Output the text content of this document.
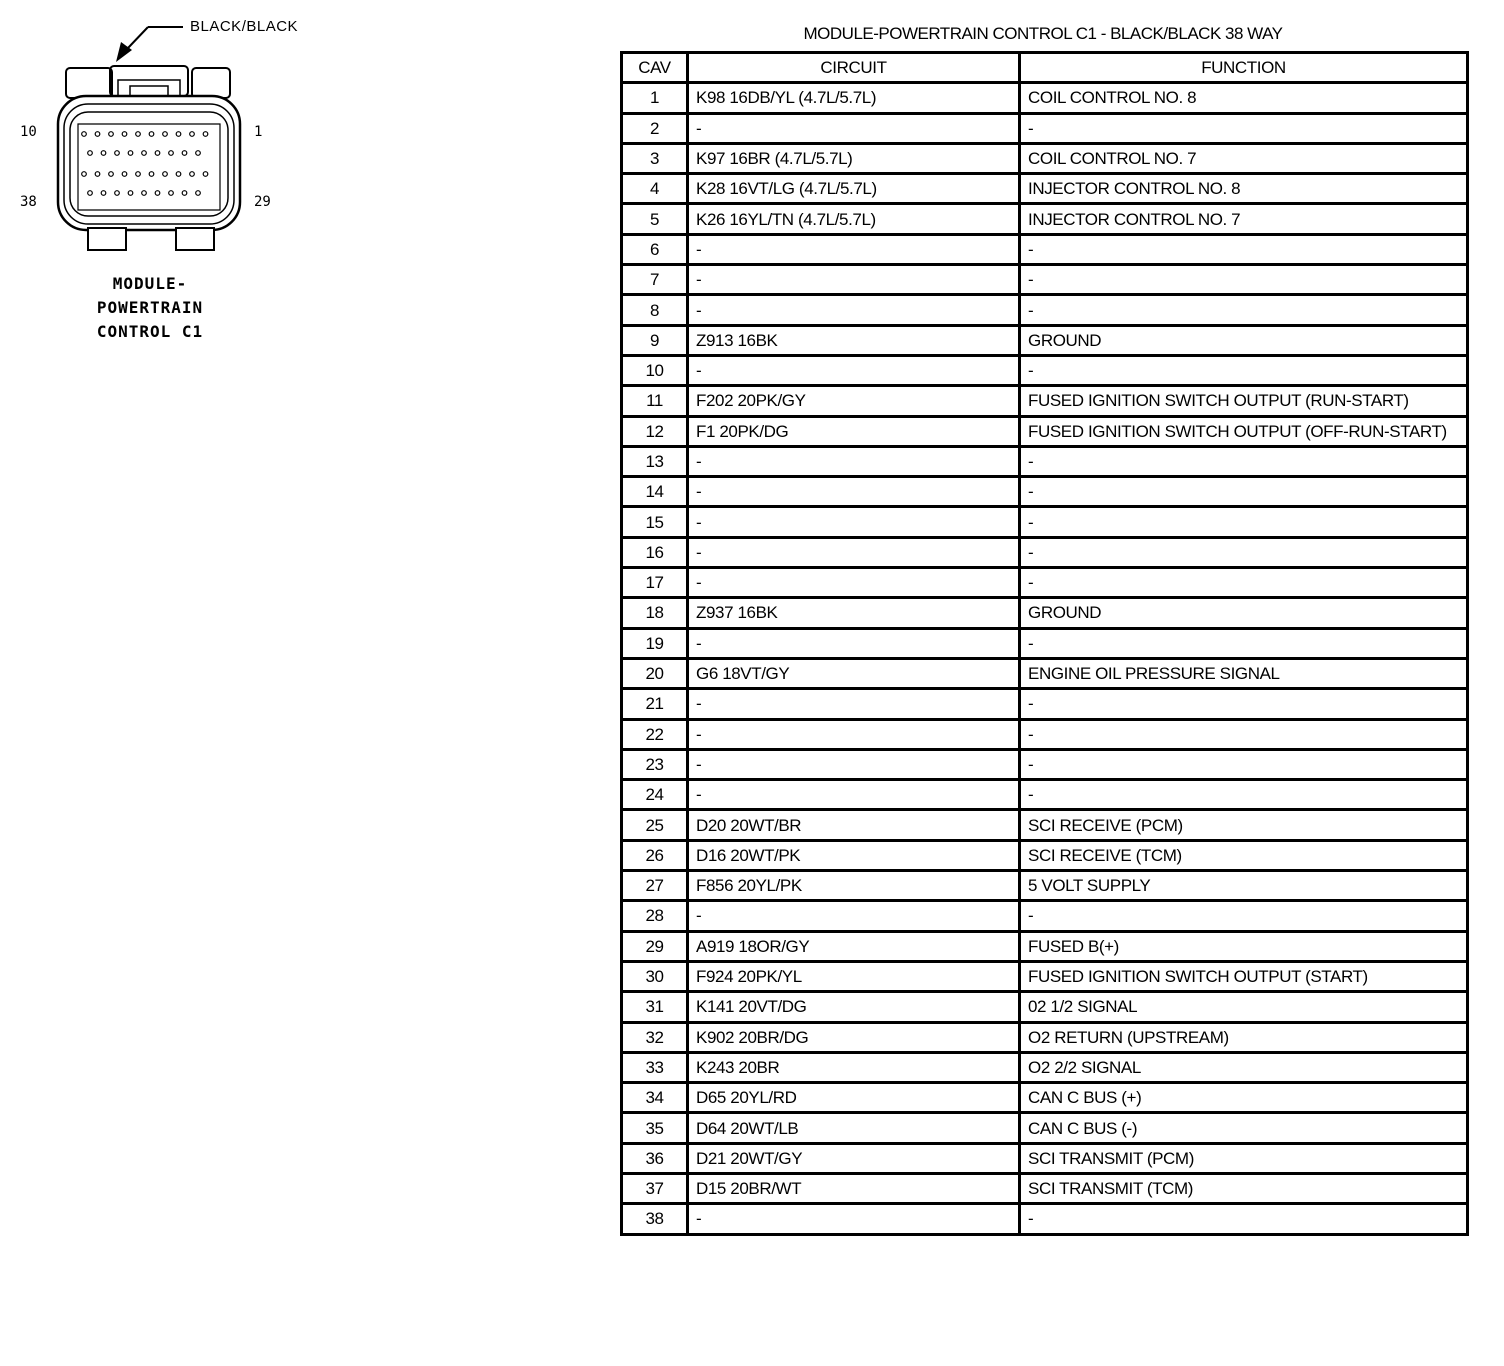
BLACK/BLACK
10	1
38	29
MODULE-
POWERTRAIN
CONTROL C1
MODULE-POWERTRAIN CONTROL C1 - BLACK/BLACK 38 WAY
CAV	CIRCUIT	FUNCTION
1	K98 16DB/YL (4.7L/5.7L)	COIL CONTROL NO. 8
2	-	-
3	K97 16BR (4.7L/5.7L)	COIL CONTROL NO. 7
4	K28 16VT/LG (4.7L/5.7L)	INJECTOR CONTROL NO. 8
5	K26 16YL/TN (4.7L/5.7L)	INJECTOR CONTROL NO. 7
6	-	-
7	-	-
8	-	-
9	Z913 16BK	GROUND
10	-	-
11	F202 20PK/GY	FUSED IGNITION SWITCH OUTPUT (RUN-START)
12	F1 20PK/DG	FUSED IGNITION SWITCH OUTPUT (OFF-RUN-START)
13	-	-
14	-	-
15	-	-
16	-	-
17	-	-
18	Z937 16BK	GROUND
19	-	-
20	G6 18VT/GY	ENGINE OIL PRESSURE SIGNAL
21	-	-
22	-	-
23	-	-
24	-	-
25	D20 20WT/BR	SCI RECEIVE (PCM)
26	D16 20WT/PK	SCI RECEIVE (TCM)
27	F856 20YL/PK	5 VOLT SUPPLY
28	-	-
29	A919 18OR/GY	FUSED B(+)
30	F924 20PK/YL	FUSED IGNITION SWITCH OUTPUT (START)
31	K141 20VT/DG	02 1/2 SIGNAL
32	K902 20BR/DG	O2 RETURN (UPSTREAM)
33	K243 20BR	O2 2/2 SIGNAL
34	D65 20YL/RD	CAN C BUS (+)
35	D64 20WT/LB	CAN C BUS (-)
36	D21 20WT/GY	SCI TRANSMIT (PCM)
37	D15 20BR/WT	SCI TRANSMIT (TCM)
38	-	-
